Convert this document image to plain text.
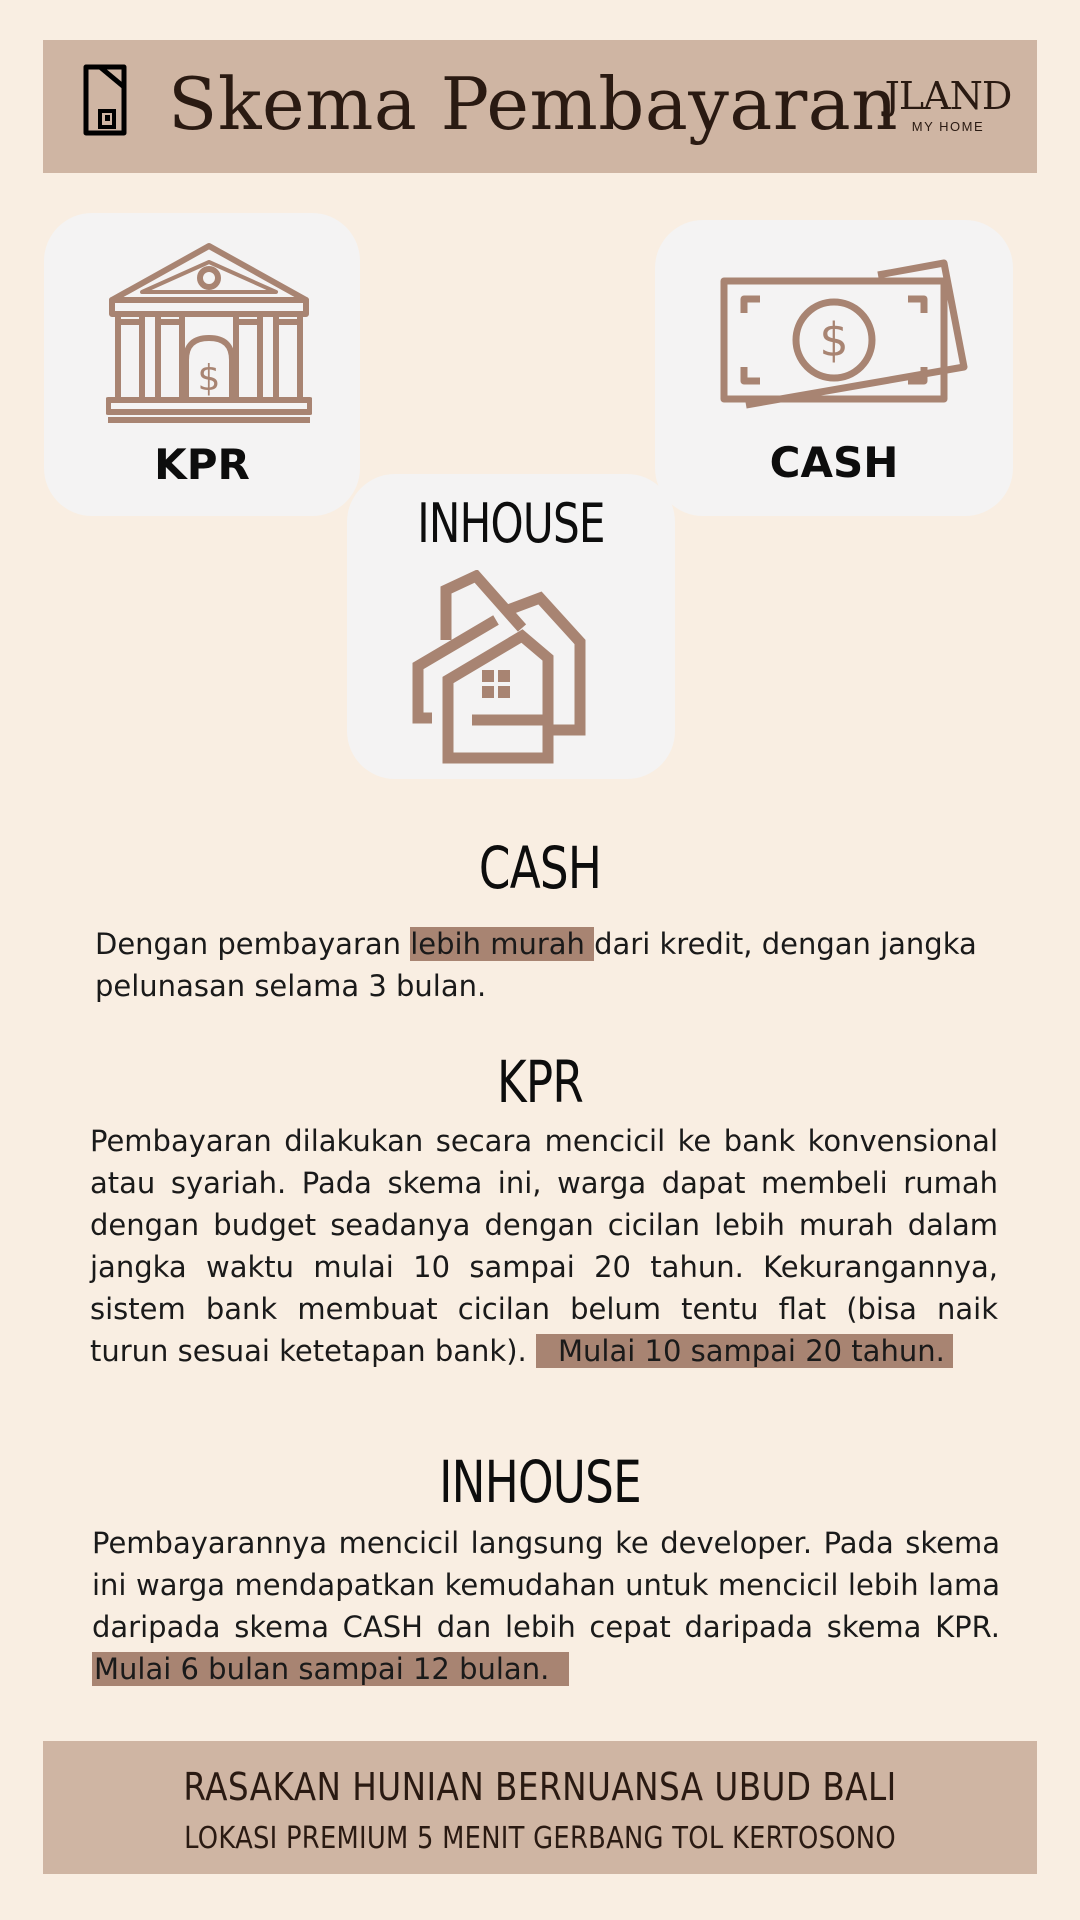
Skema Pembayaran
JLAND
MY HOME
$
$
KPR	CASH
INHOUSE
CASH
Dengan pembayaran lebih murah dari kredit, dengan jangka pelunasan selama 3 bulan.
KPR
Pembayaran dilakukan secara mencicil ke bank konvensional atau syariah. Pada skema ini, warga dapat membeli rumah dengan budget seadanya dengan cicilan lebih murah dalam jangka waktu mulai 10 sampai 20 tahun. Kekurangannya, sistem bank membuat cicilan belum tentu flat (bisa naik turun sesuai ketetapan bank). Mulai 10 sampai 20 tahun.
INHOUSE
Pembayarannya mencicil langsung ke developer. Pada skema ini warga mendapatkan kemudahan untuk mencicil lebih lama daripada skema CASH dan lebih cepat daripada skema KPR. Mulai 6 bulan sampai 12 bulan.
RASAKAN HUNIAN BERNUANSA UBUD BALI
LOKASI PREMIUM 5 MENIT GERBANG TOL KERTOSONO
